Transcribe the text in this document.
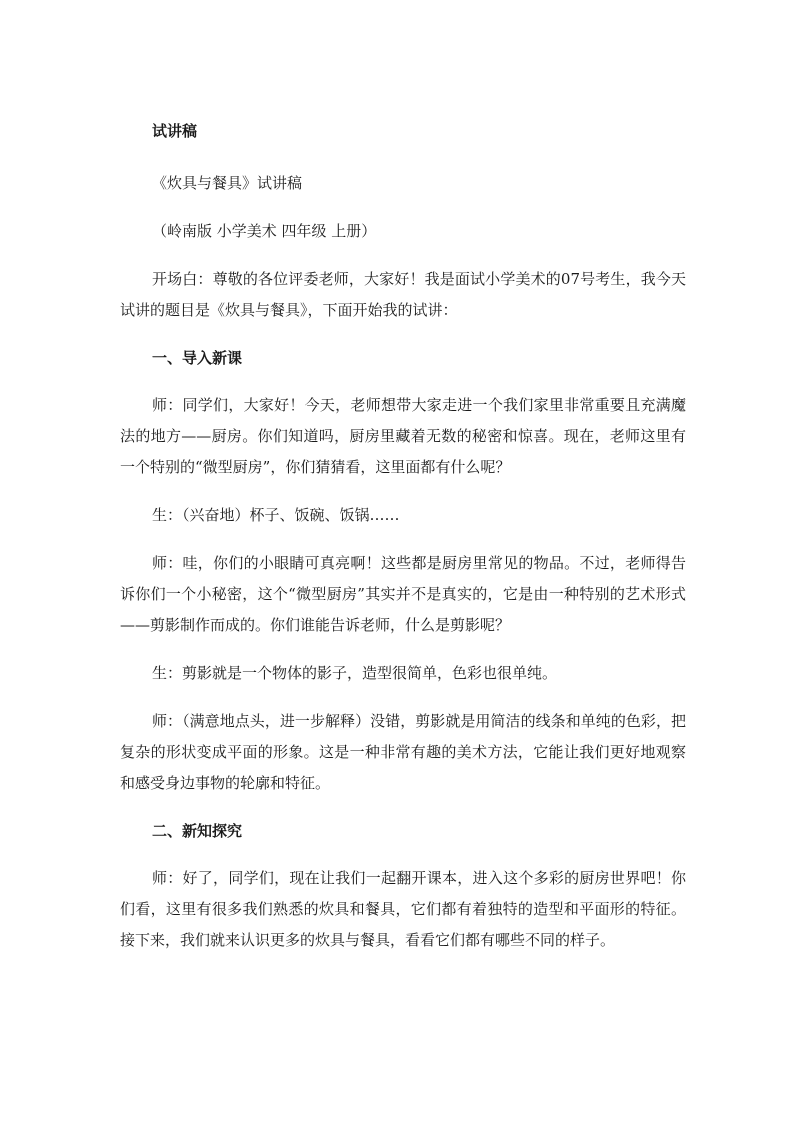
试讲稿

《炊具与餐具》试讲稿

（岭南版 小学美术 四年级 上册）

开场白：尊敬的各位评委老师，大家好！我是面试小学美术的07号考生，我今天试讲的题目是《炊具与餐具》，下面开始我的试讲：

一、导入新课

师：同学们，大家好！今天，老师想带大家走进一个我们家里非常重要且充满魔法的地方——厨房。你们知道吗，厨房里藏着无数的秘密和惊喜。现在，老师这里有一个特别的“微型厨房”，你们猜猜看，这里面都有什么呢？

生：（兴奋地）杯子、饭碗、饭锅……

师：哇，你们的小眼睛可真亮啊！这些都是厨房里常见的物品。不过，老师得告诉你们一个小秘密，这个“微型厨房”其实并不是真实的，它是由一种特别的艺术形式——剪影制作而成的。你们谁能告诉老师，什么是剪影呢？

生：剪影就是一个物体的影子，造型很简单，色彩也很单纯。

师：（满意地点头，进一步解释）没错，剪影就是用简洁的线条和单纯的色彩，把复杂的形状变成平面的形象。这是一种非常有趣的美术方法，它能让我们更好地观察和感受身边事物的轮廓和特征。

二、新知探究

师：好了，同学们，现在让我们一起翻开课本，进入这个多彩的厨房世界吧！你们看，这里有很多我们熟悉的炊具和餐具，它们都有着独特的造型和平面形的特征。接下来，我们就来认识更多的炊具与餐具，看看它们都有哪些不同的样子。
